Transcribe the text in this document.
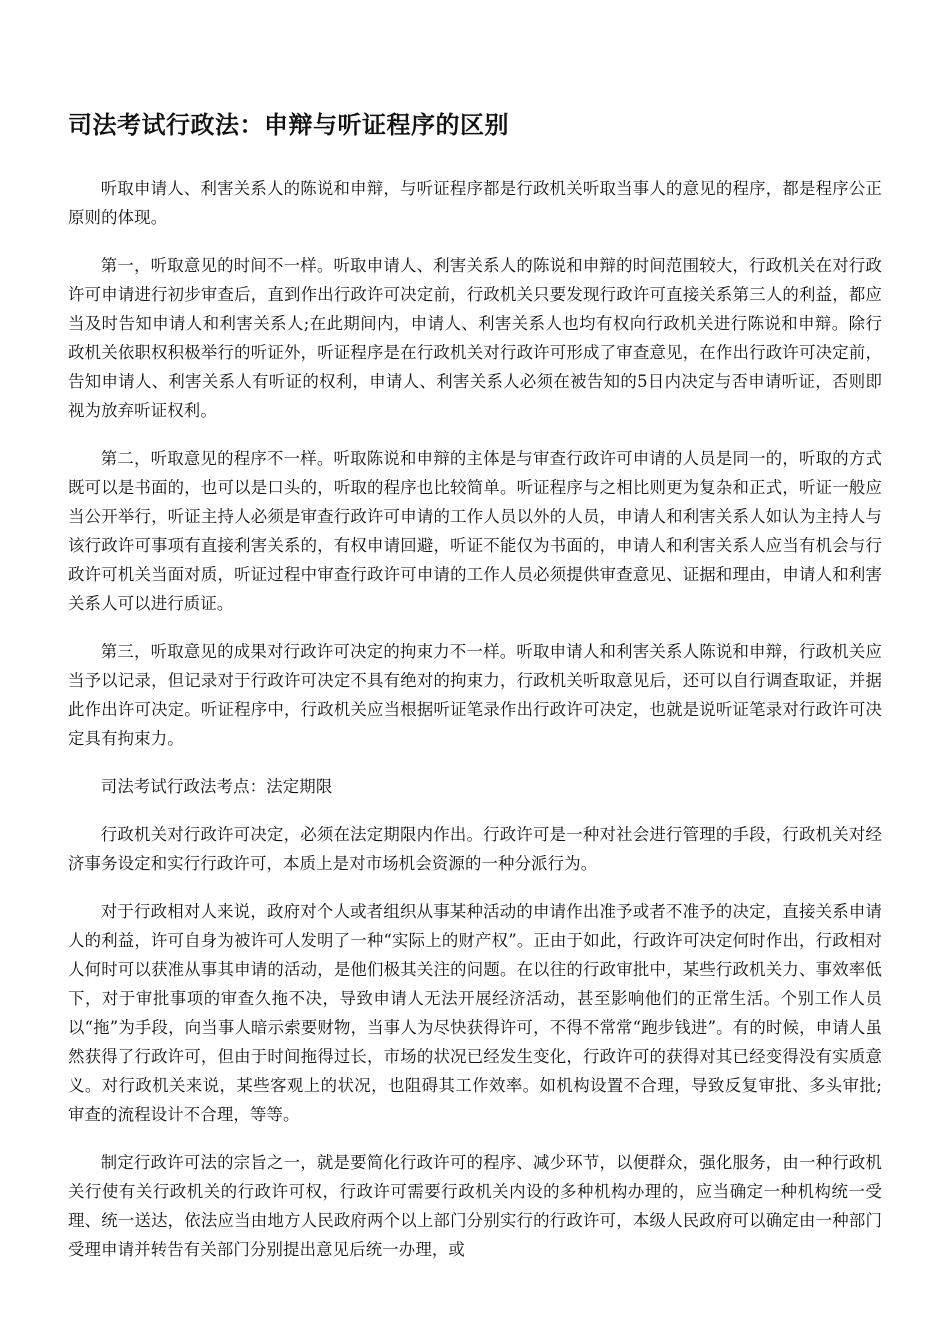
司法考试行政法：申辩与听证程序的区别

听取申请人、利害关系人的陈说和申辩，与听证程序都是行政机关听取当事人的意见的程序，都是程序公正原则的体现。

第一，听取意见的时间不一样。听取申请人、利害关系人的陈说和申辩的时间范围较大，行政机关在对行政许可申请进行初步审查后，直到作出行政许可决定前，行政机关只要发现行政许可直接关系第三人的利益，都应当及时告知申请人和利害关系人;在此期间内，申请人、利害关系人也均有权向行政机关进行陈说和申辩。除行政机关依职权积极举行的听证外，听证程序是在行政机关对行政许可形成了审查意见，在作出行政许可决定前，告知申请人、利害关系人有听证的权利，申请人、利害关系人必须在被告知的5日内决定与否申请听证，否则即视为放弃听证权利。

第二，听取意见的程序不一样。听取陈说和申辩的主体是与审查行政许可申请的人员是同一的，听取的方式既可以是书面的，也可以是口头的，听取的程序也比较简单。听证程序与之相比则更为复杂和正式，听证一般应当公开举行，听证主持人必须是审查行政许可申请的工作人员以外的人员，申请人和利害关系人如认为主持人与该行政许可事项有直接利害关系的，有权申请回避，听证不能仅为书面的，申请人和利害关系人应当有机会与行政许可机关当面对质，听证过程中审查行政许可申请的工作人员必须提供审查意见、证据和理由，申请人和利害关系人可以进行质证。

第三，听取意见的成果对行政许可决定的拘束力不一样。听取申请人和利害关系人陈说和申辩，行政机关应当予以记录，但记录对于行政许可决定不具有绝对的拘束力，行政机关听取意见后，还可以自行调查取证，并据此作出许可决定。听证程序中，行政机关应当根据听证笔录作出行政许可决定，也就是说听证笔录对行政许可决定具有拘束力。

司法考试行政法考点：法定期限

行政机关对行政许可决定，必须在法定期限内作出。行政许可是一种对社会进行管理的手段，行政机关对经济事务设定和实行行政许可，本质上是对市场机会资源的一种分派行为。

对于行政相对人来说，政府对个人或者组织从事某种活动的申请作出准予或者不准予的决定，直接关系申请人的利益，许可自身为被许可人发明了一种“实际上的财产权”。正由于如此，行政许可决定何时作出，行政相对人何时可以获准从事其申请的活动，是他们极其关注的问题。在以往的行政审批中，某些行政机关力、事效率低下，对于审批事项的审查久拖不决，导致申请人无法开展经济活动，甚至影响他们的正常生活。个别工作人员以“拖”为手段，向当事人暗示索要财物，当事人为尽快获得许可，不得不常常“跑步钱进”。有的时候，申请人虽然获得了行政许可，但由于时间拖得过长，市场的状况已经发生变化，行政许可的获得对其已经变得没有实质意义。对行政机关来说，某些客观上的状况，也阻碍其工作效率。如机构设置不合理，导致反复审批、多头审批;审查的流程设计不合理，等等。

制定行政许可法的宗旨之一，就是要简化行政许可的程序、减少环节，以便群众，强化服务，由一种行政机关行使有关行政机关的行政许可权，行政许可需要行政机关内设的多种机构办理的，应当确定一种机构统一受理、统一送达，依法应当由地方人民政府两个以上部门分别实行的行政许可，本级人民政府可以确定由一种部门受理申请并转告有关部门分别提出意见后统一办理，或
